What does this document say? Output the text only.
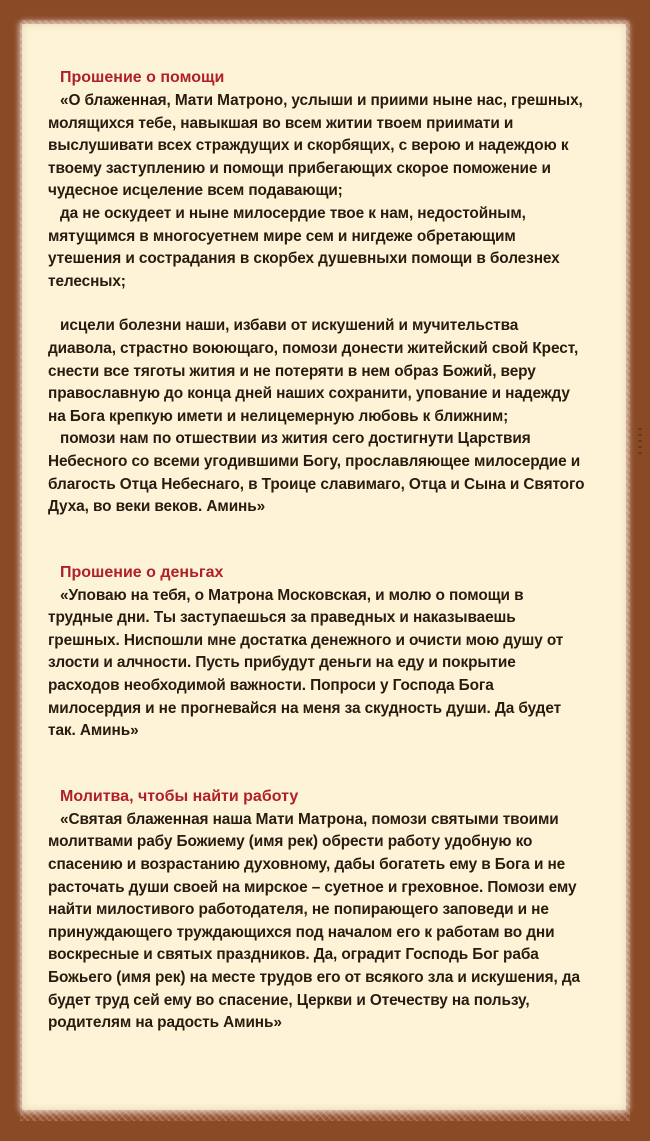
Прошение о помощи

«О блаженная, Мати Матроно, услыши и приими ныне нас, грешных, молящихся тебе, навыкшая во всем житии твоем приимати и выслушивати всех страждущих и скорбящих, с верою и надеждою к твоему заступлению и помощи прибегающих скорое поможение и чудесное исцеление всем подавающи;

да не оскудеет и ныне милосердие твое к нам, недостойным, мятущимся в многосуетнем мире сем и нигдеже обретающим утешения и сострадания в скорбех душевныхи помощи в болезнех телесных;

исцели болезни наши, избави от искушений и мучительства диавола, страстно воюющаго, помози донести житейский свой Крест, снести все тяготы жития и не потеряти в нем образ Божий, веру православную до конца дней наших сохранити, упование и надежду на Бога крепкую имети и нелицемерную любовь к ближним;

помози нам по отшествии из жития сего достигнути Царствия Небесного со всеми угодившими Богу, прославляющее милосердие и благость Отца Небеснаго, в Троице славимаго, Отца и Сына и Святого Духа, во веки веков. Аминь»

Прошение о деньгах

«Уповаю на тебя, о Матрона Московская, и молю о помощи в трудные дни. Ты заступаешься за праведных и наказываешь грешных. Ниспошли мне достатка денежного и очисти мою душу от злости и алчности. Пусть прибудут деньги на еду и покрытие расходов необходимой важности. Попроси у Господа Бога милосердия и не прогневайся на меня за скудность души. Да будет так. Аминь»

Молитва, чтобы найти работу

«Святая блаженная наша Мати Матрона, помози святыми твоими молитвами рабу Божиему (имя рек) обрести работу удобную ко спасению и возрастанию духовному, дабы богатеть ему в Бога и не расточать души своей на мирское – суетное и греховное. Помози ему найти милостивого работодателя, не попирающего заповеди и не принуждающего труждающихся под началом его к работам во дни воскресные и святых праздников. Да, оградит Господь Бог раба Божьего (имя рек) на месте трудов его от всякого зла и искушения, да будет труд сей ему во спасение, Церкви и Отечеству на пользу, родителям на радость Аминь»
